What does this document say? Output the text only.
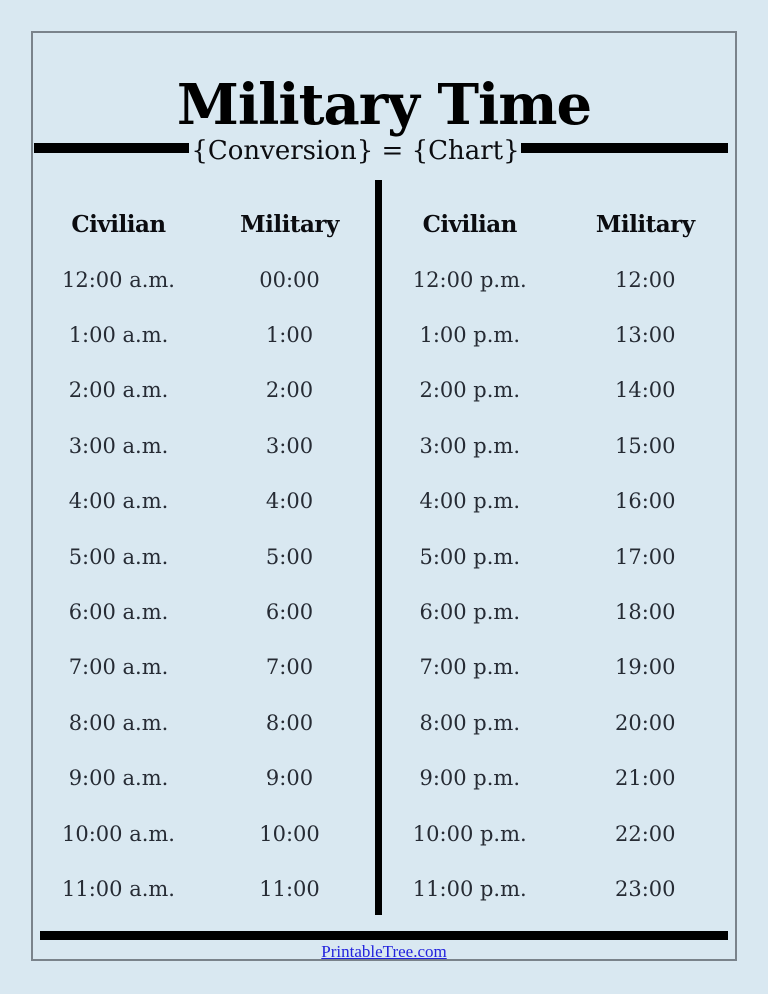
Military Time
{Conversion} = {Chart}
Civilian	Military
12:00 a.m.	00:00
1:00 a.m.	1:00
2:00 a.m.	2:00
3:00 a.m.	3:00
4:00 a.m.	4:00
5:00 a.m.	5:00
6:00 a.m.	6:00
7:00 a.m.	7:00
8:00 a.m.	8:00
9:00 a.m.	9:00
10:00 a.m.	10:00
11:00 a.m.	11:00
Civilian	Military
12:00 p.m.	12:00
1:00 p.m.	13:00
2:00 p.m.	14:00
3:00 p.m.	15:00
4:00 p.m.	16:00
5:00 p.m.	17:00
6:00 p.m.	18:00
7:00 p.m.	19:00
8:00 p.m.	20:00
9:00 p.m.	21:00
10:00 p.m.	22:00
11:00 p.m.	23:00
PrintableTree.com
